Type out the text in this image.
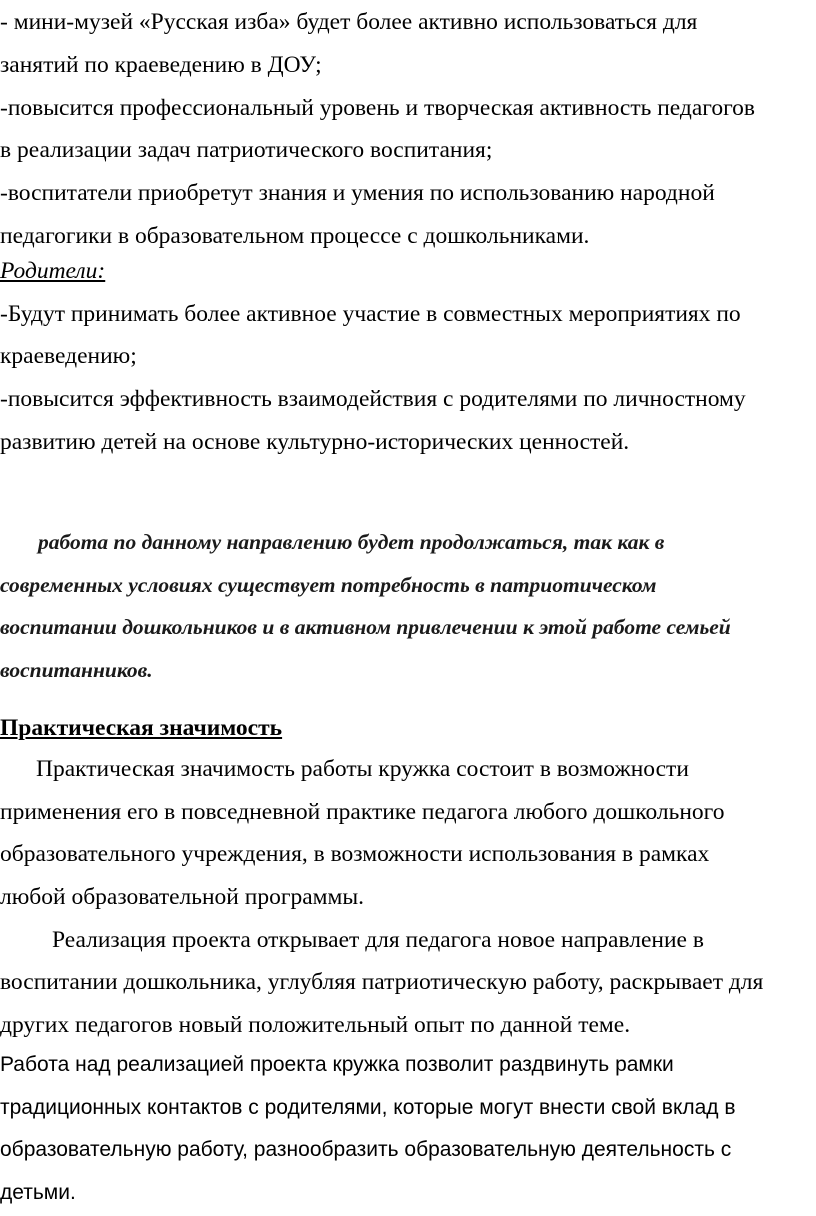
- мини-музей «Русская изба» будет более активно использоваться для
занятий по краеведению в ДОУ;
-повысится профессиональный уровень и творческая активность педагогов
в реализации задач патриотического воспитания;
-воспитатели приобретут знания и умения по использованию народной
педагогики в образовательном процессе с дошкольниками.
Родители:
-Будут принимать более активное участие в совместных мероприятиях по
краеведению;
-повысится эффективность взаимодействия с родителями по личностному
развитию детей на основе культурно-исторических ценностей.
работа по данному направлению будет продолжаться, так как в
современных условиях существует потребность в патриотическом
воспитании дошкольников и в активном привлечении к этой работе семьей
воспитанников.
Практическая значимость
Практическая значимость работы кружка состоит в возможности
применения его в повседневной практике педагога любого дошкольного
образовательного учреждения, в возможности использования в рамках
любой образовательной программы.
Реализация проекта открывает для педагога новое направление в
воспитании дошкольника, углубляя патриотическую работу, раскрывает для
других педагогов новый положительный опыт по данной теме.
Работа над реализацией проекта кружка позволит раздвинуть рамки
традиционных контактов с родителями, которые могут внести свой вклад в
образовательную работу, разнообразить образовательную деятельность с
детьми.
